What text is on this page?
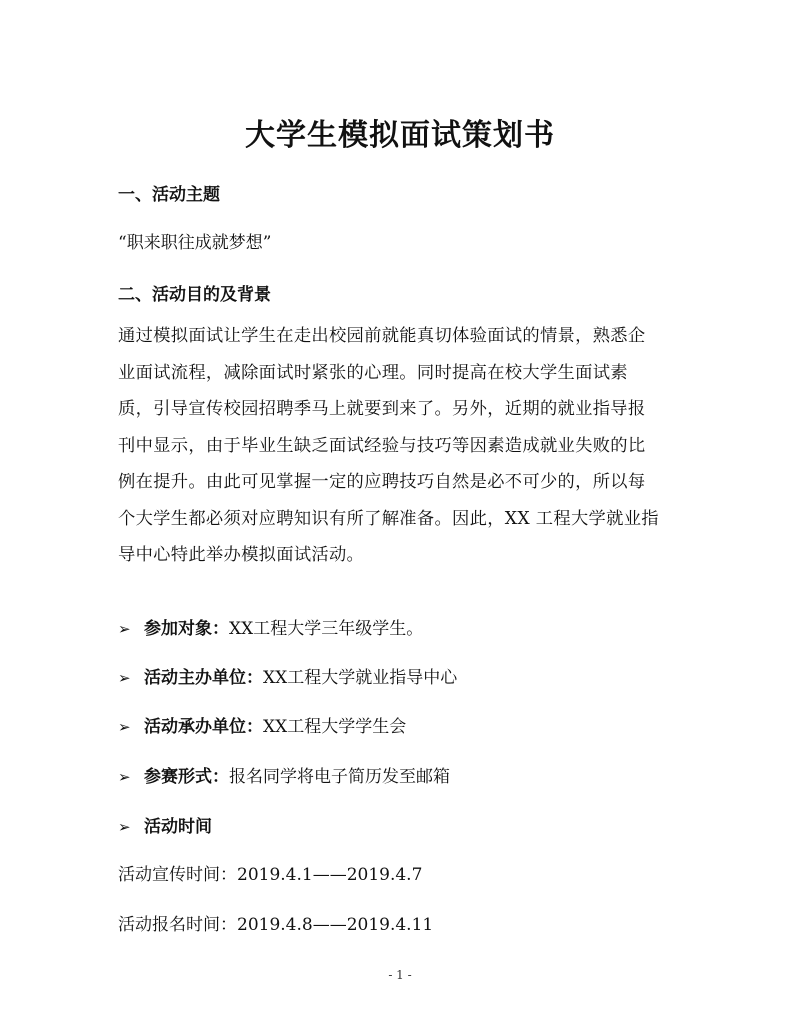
大学生模拟面试策划书
一、活动主题

“职来职往成就梦想”

二、活动目的及背景
通过模拟面试让学生在走出校园前就能真切体验面试的情景，熟悉企
业面试流程，减除面试时紧张的心理。同时提高在校大学生面试素
质，引导宣传校园招聘季马上就要到来了。另外，近期的就业指导报
刊中显示，由于毕业生缺乏面试经验与技巧等因素造成就业失败的比
例在提升。由此可见掌握一定的应聘技巧自然是必不可少的，所以每
个大学生都必须对应聘知识有所了解准备。因此，XX 工程大学就业指
导中心特此举办模拟面试活动。

➢ 参加对象：XX工程大学三年级学生。

➢ 活动主办单位：XX工程大学就业指导中心

➢ 活动承办单位：XX工程大学学生会

➢ 参赛形式：报名同学将电子简历发至邮箱

➢ 活动时间

活动宣传时间：2019.4.1——2019.4.7

活动报名时间：2019.4.8——2019.4.11

- 1 -
